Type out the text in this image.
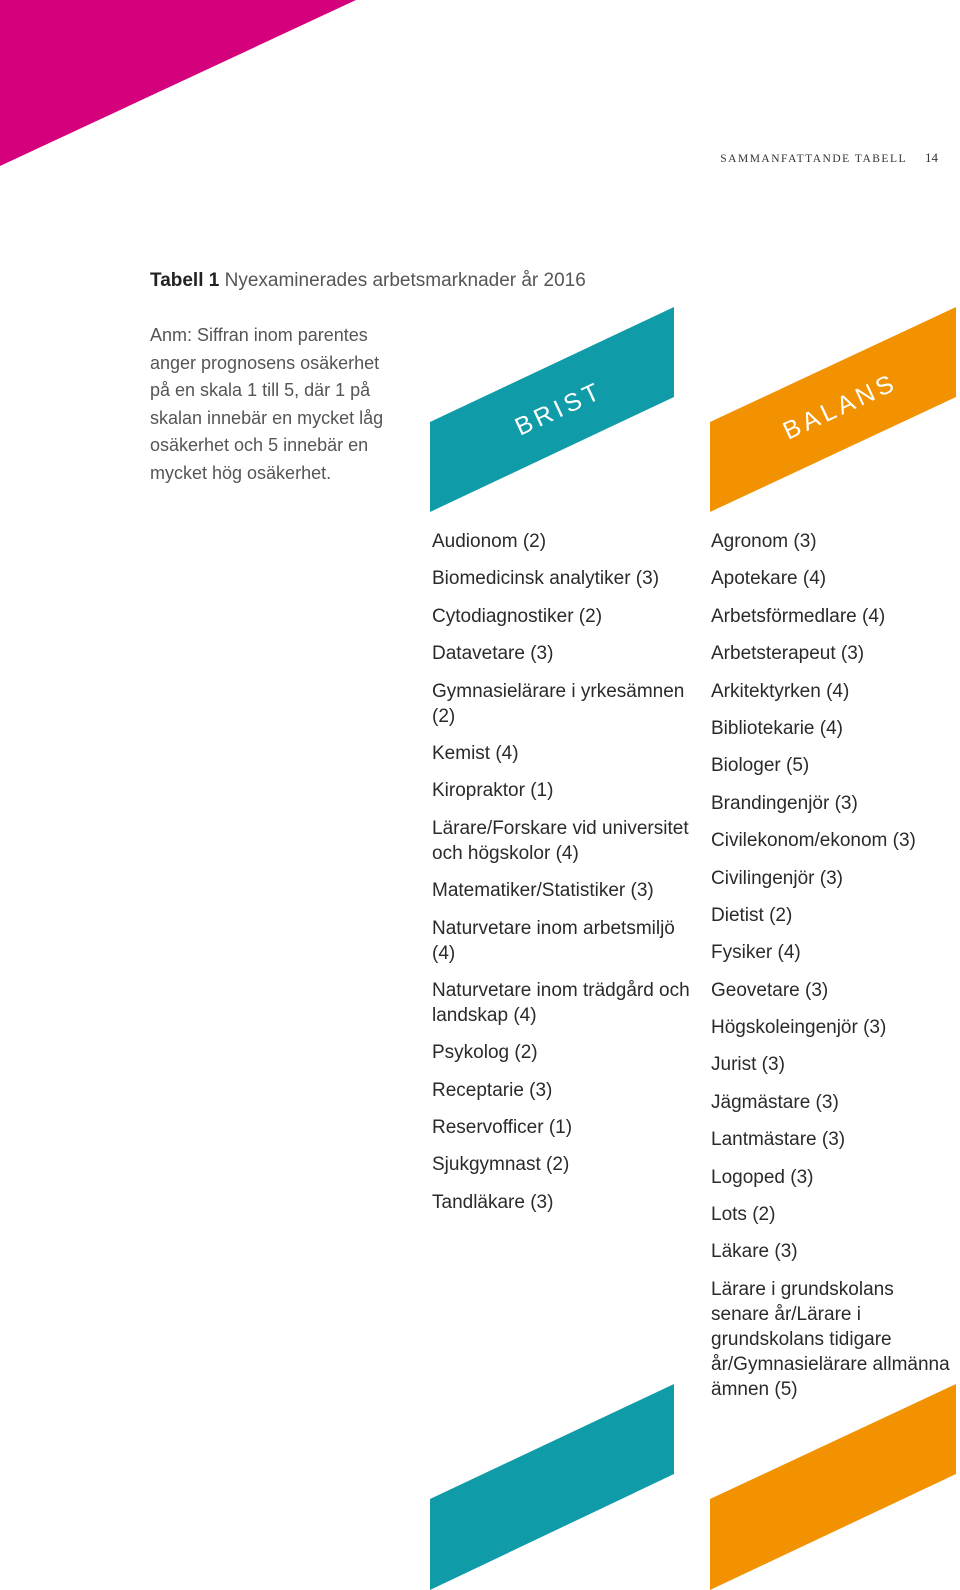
BRIST	BALANS
SAMMANFATTANDE TABELL 14
Tabell 1 Nyexaminerades arbetsmarknader år 2016
Anm: Siffran inom parentes anger prognosens osäkerhet på en skala 1 till 5, där 1 på skalan innebär en mycket låg osäkerhet och 5 innebär en mycket hög osäkerhet.
Audionom (2)
Biomedicinsk analytiker (3)
Cytodiagnostiker (2)
Datavetare (3)
Gymnasielärare i yrkesämnen (2)
Kemist (4)
Kiropraktor (1)
Lärare/Forskare vid universitet och högskolor (4)
Matematiker/Statistiker (3)
Naturvetare inom arbetsmiljö (4)
Naturvetare inom trädgård och landskap (4)
Psykolog (2)
Receptarie (3)
Reservofficer (1)
Sjukgymnast (2)
Tandläkare (3)
Agronom (3)
Apotekare (4)
Arbetsförmedlare (4)
Arbetsterapeut (3)
Arkitektyrken (4)
Bibliotekarie (4)
Biologer (5)
Brandingenjör (3)
Civilekonom/ekonom (3)
Civilingenjör (3)
Dietist (2)
Fysiker (4)
Geovetare (3)
Högskoleingenjör (3)
Jurist (3)
Jägmästare (3)
Lantmästare (3)
Logoped (3)
Lots (2)
Läkare (3)
Lärare i grundskolans senare år/Lärare i grundskolans tidigare år/Gymnasielärare allmänna ämnen (5)
